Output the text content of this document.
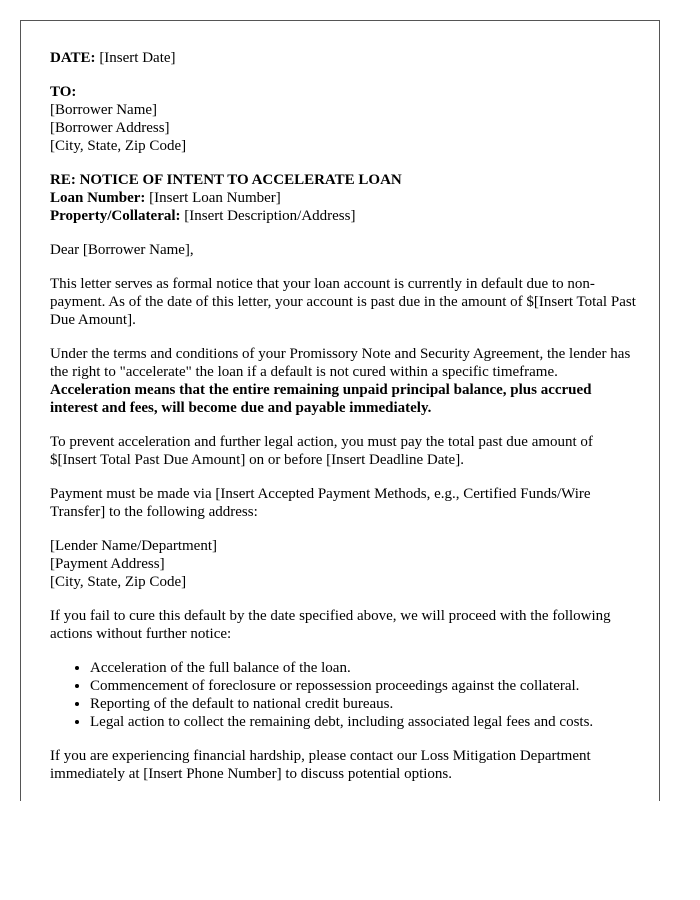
DATE: [Insert Date]

TO:
[Borrower Name]
[Borrower Address]
[City, State, Zip Code]
RE: NOTICE OF INTENT TO ACCELERATE LOAN
Loan Number: [Insert Loan Number]
Property/Collateral: [Insert Description/Address]

Dear [Borrower Name],

This letter serves as formal notice that your loan account is currently in default due to non-payment. As of the date of this letter, your account is past due in the amount of $[Insert Total Past Due Amount].

Under the terms and conditions of your Promissory Note and Security Agreement, the lender has the right to "accelerate" the loan if a default is not cured within a specific timeframe. Acceleration means that the entire remaining unpaid principal balance, plus accrued interest and fees, will become due and payable immediately.

To prevent acceleration and further legal action, you must pay the total past due amount of $[Insert Total Past Due Amount] on or before [Insert Deadline Date].

Payment must be made via [Insert Accepted Payment Methods, e.g., Certified Funds/Wire Transfer] to the following address:

[Lender Name/Department]
[Payment Address]
[City, State, Zip Code]

If you fail to cure this default by the date specified above, we will proceed with the following actions without further notice:

• Acceleration of the full balance of the loan.
• Commencement of foreclosure or repossession proceedings against the collateral.
• Reporting of the default to national credit bureaus.
• Legal action to collect the remaining debt, including associated legal fees and costs.

If you are experiencing financial hardship, please contact our Loss Mitigation Department immediately at [Insert Phone Number] to discuss potential options.
